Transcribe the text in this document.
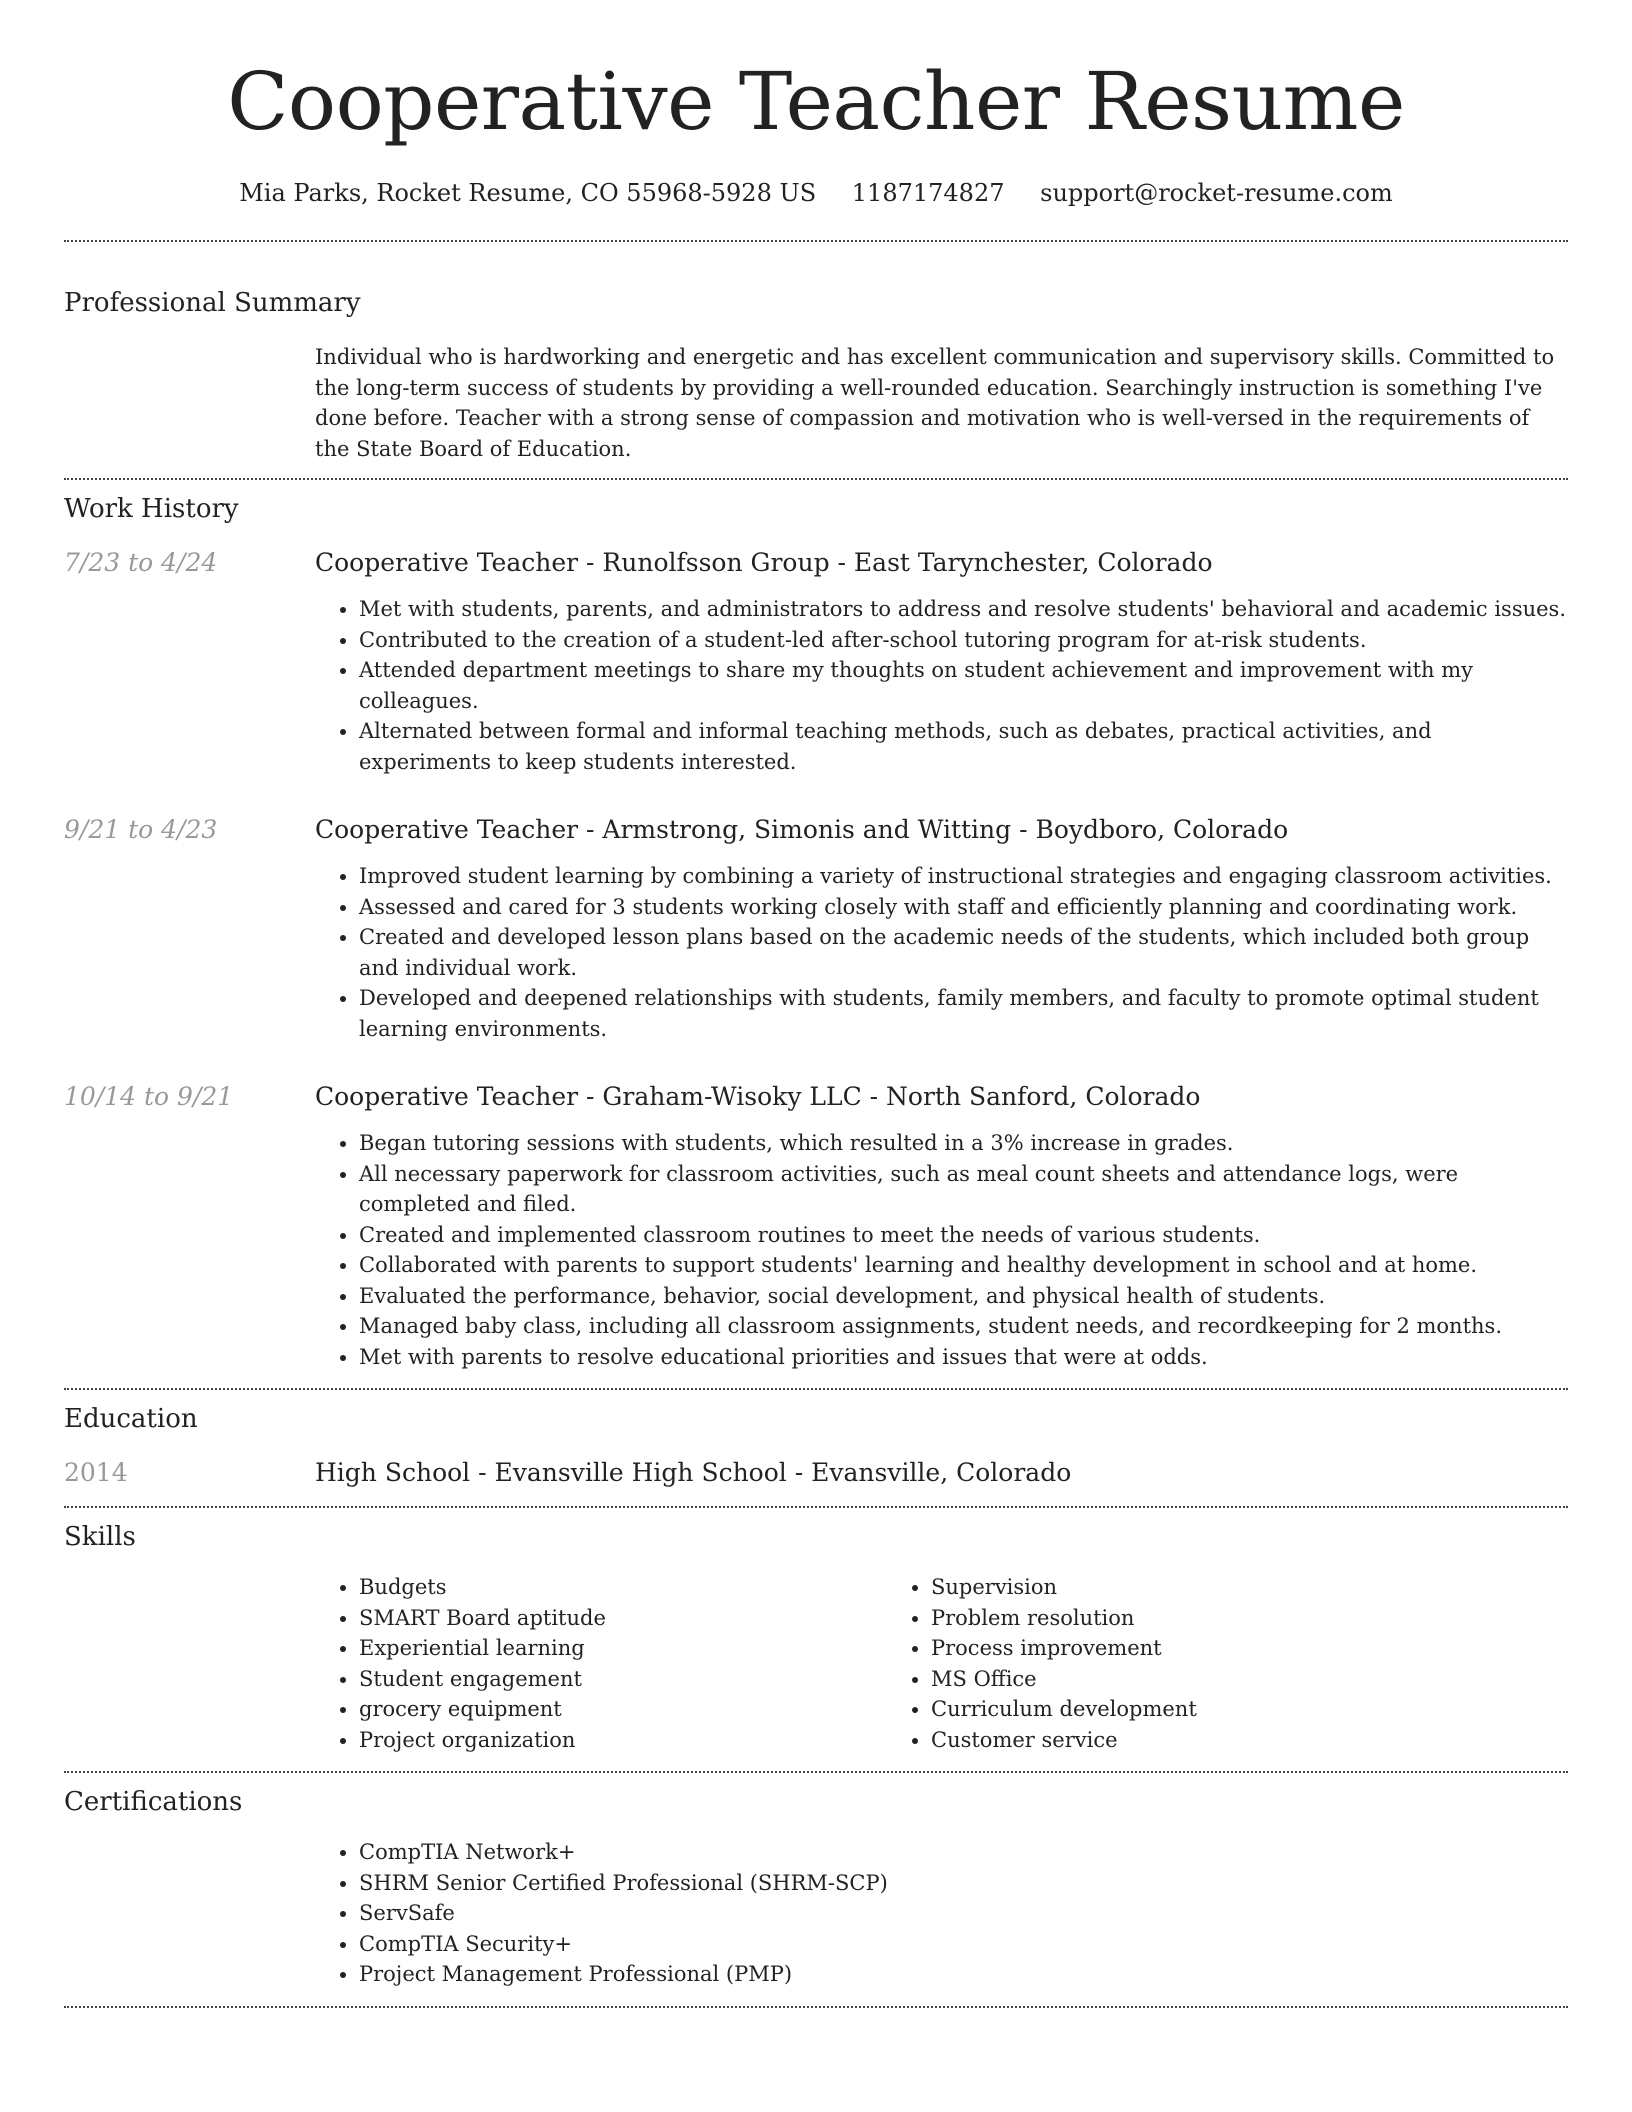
Cooperative Teacher Resume
Mia Parks, Rocket Resume, CO 55968-5928 US 1187174827 support@rocket-resume.com
Professional Summary
Individual who is hardworking and energetic and has excellent communication and supervisory skills. Committed to the long-term success of students by providing a well-rounded education. Searchingly instruction is something I've done before. Teacher with a strong sense of compassion and motivation who is well-versed in the requirements of the State Board of Education.
Work History
7/23 to 4/24	Cooperative Teacher - Runolfsson Group - East Tarynchester, Colorado
• Met with students, parents, and administrators to address and resolve students' behavioral and academic issues.
• Contributed to the creation of a student-led after-school tutoring program for at-risk students.
• Attended department meetings to share my thoughts on student achievement and improvement with my colleagues.
• Alternated between formal and informal teaching methods, such as debates, practical activities, and experiments to keep students interested.
9/21 to 4/23	Cooperative Teacher - Armstrong, Simonis and Witting - Boydboro, Colorado
• Improved student learning by combining a variety of instructional strategies and engaging classroom activities.
• Assessed and cared for 3 students working closely with staff and efficiently planning and coordinating work.
• Created and developed lesson plans based on the academic needs of the students, which included both group and individual work.
• Developed and deepened relationships with students, family members, and faculty to promote optimal student learning environments.
10/14 to 9/21	Cooperative Teacher - Graham-Wisoky LLC - North Sanford, Colorado
• Began tutoring sessions with students, which resulted in a 3% increase in grades.
• All necessary paperwork for classroom activities, such as meal count sheets and attendance logs, were completed and filed.
• Created and implemented classroom routines to meet the needs of various students.
• Collaborated with parents to support students' learning and healthy development in school and at home.
• Evaluated the performance, behavior, social development, and physical health of students.
• Managed baby class, including all classroom assignments, student needs, and recordkeeping for 2 months.
• Met with parents to resolve educational priorities and issues that were at odds.
Education
2014	High School - Evansville High School - Evansville, Colorado
Skills
• Budgets
• SMART Board aptitude
• Experiential learning
• Student engagement
• grocery equipment
• Project organization
• Supervision
• Problem resolution
• Process improvement
• MS Office
• Curriculum development
• Customer service
Certifications
• CompTIA Network+
• SHRM Senior Certified Professional (SHRM-SCP)
• ServSafe
• CompTIA Security+
• Project Management Professional (PMP)
